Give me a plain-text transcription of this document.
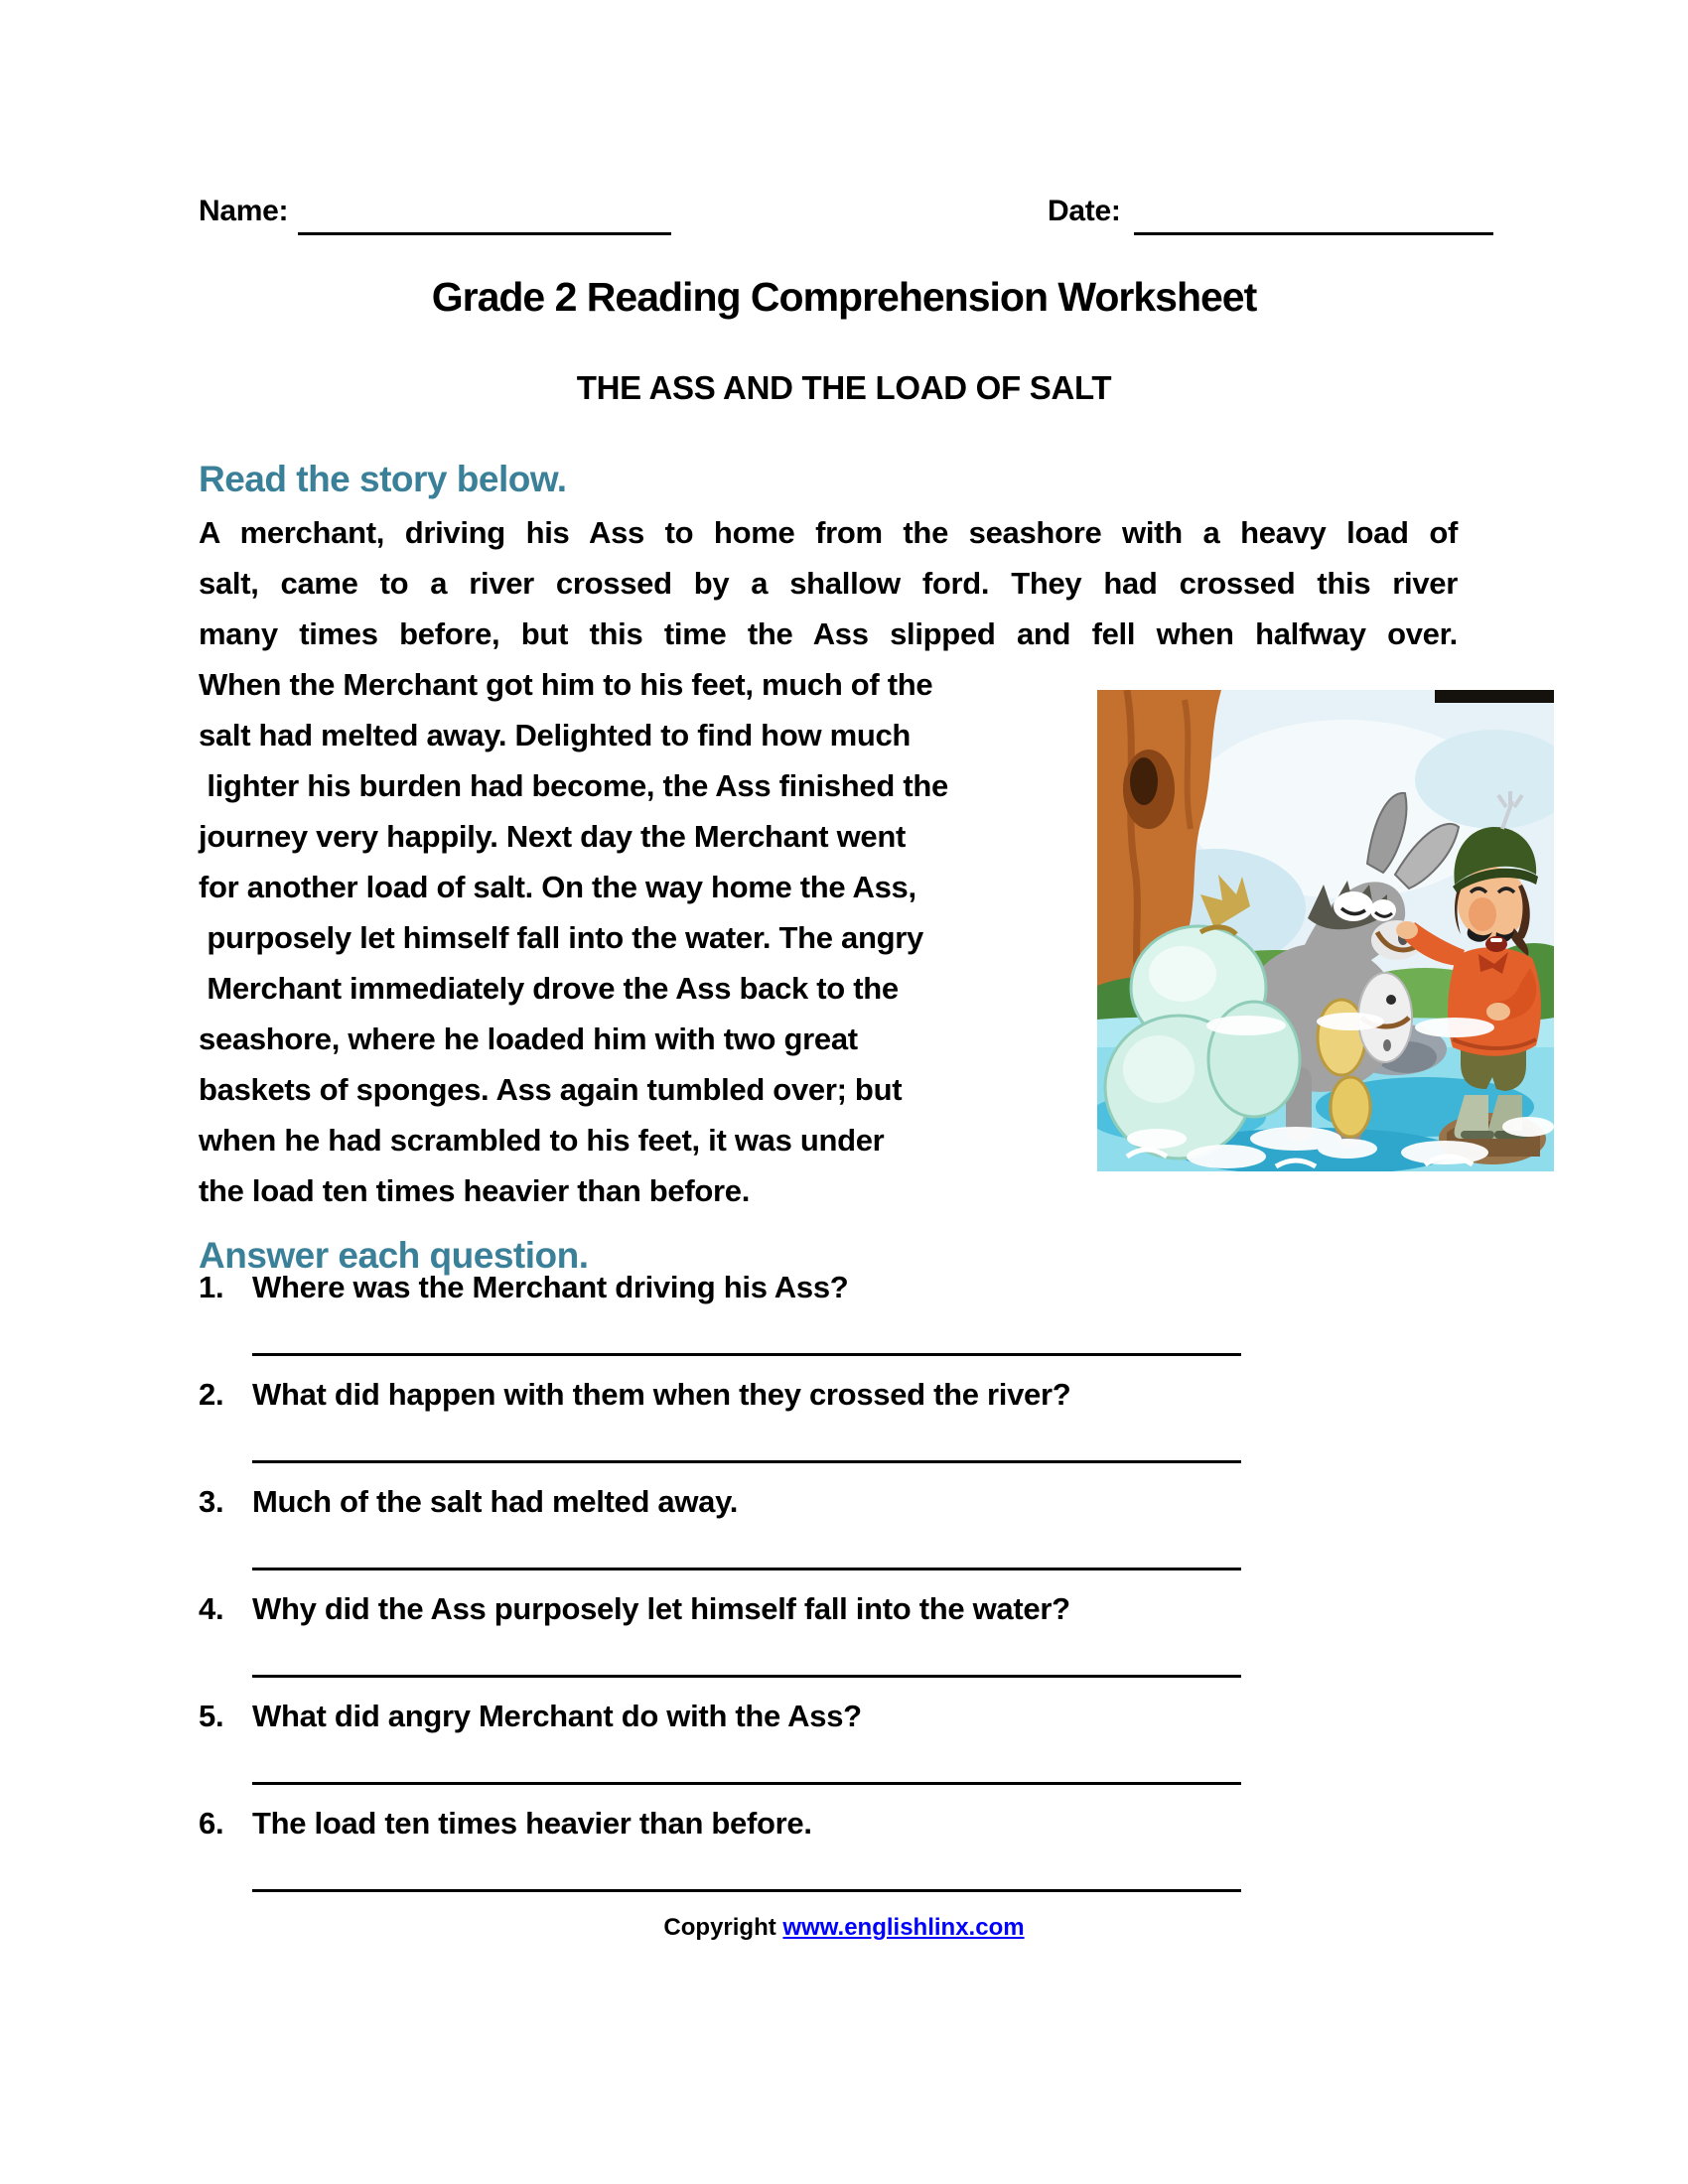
Name:	Date:
Grade 2 Reading Comprehension Worksheet
THE ASS AND THE LOAD OF SALT
Read the story below.
A merchant, driving his Ass to home from the seashore with a heavy load of
salt, came to a river crossed by a shallow ford. They had crossed this river
many times before, but this time the Ass slipped and fell when halfway over.
When the Merchant got him to his feet, much of the
salt had melted away. Delighted to find how much
lighter his burden had become, the Ass finished the
journey very happily. Next day the Merchant went
for another load of salt. On the way home the Ass,
purposely let himself fall into the water. The angry
Merchant immediately drove the Ass back to the
seashore, where he loaded him with two great
baskets of sponges. Ass again tumbled over; but
when he had scrambled to his feet, it was under
the load ten times heavier than before.
Answer each question.
1. Where was the Merchant driving his Ass?
2. What did happen with them when they crossed the river?
3. Much of the salt had melted away.
4. Why did the Ass purposely let himself fall into the water?
5. What did angry Merchant do with the Ass?
6. The load ten times heavier than before.
Copyright www.englishlinx.com
